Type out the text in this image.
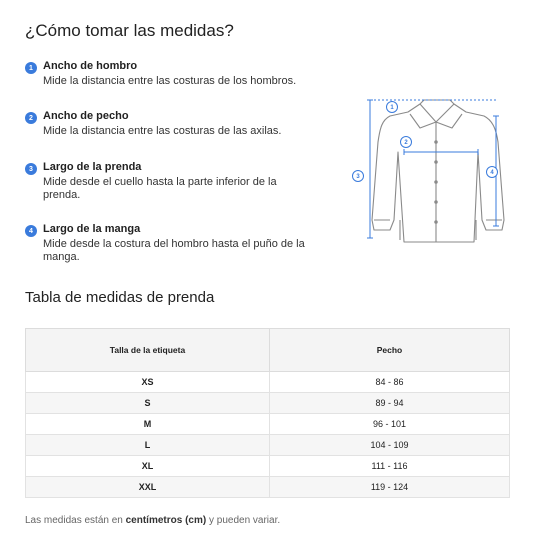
¿Cómo tomar las medidas?
1 Ancho de hombro
Mide la distancia entre las costuras de los hombros.
2 Ancho de pecho
Mide la distancia entre las costuras de las axilas.
3 Largo de la prenda
Mide desde el cuello hasta la parte inferior de la prenda.
4 Largo de la manga
Mide desde la costura del hombro hasta el puño de la manga.
1
2
3
4
Tabla de medidas de prenda
Talla de la etiqueta	Pecho
XS	84 - 86
S	89 - 94
M	96 - 101
L	104 - 109
XL	111 - 116
XXL	119 - 124
Las medidas están en centímetros (cm) y pueden variar.
